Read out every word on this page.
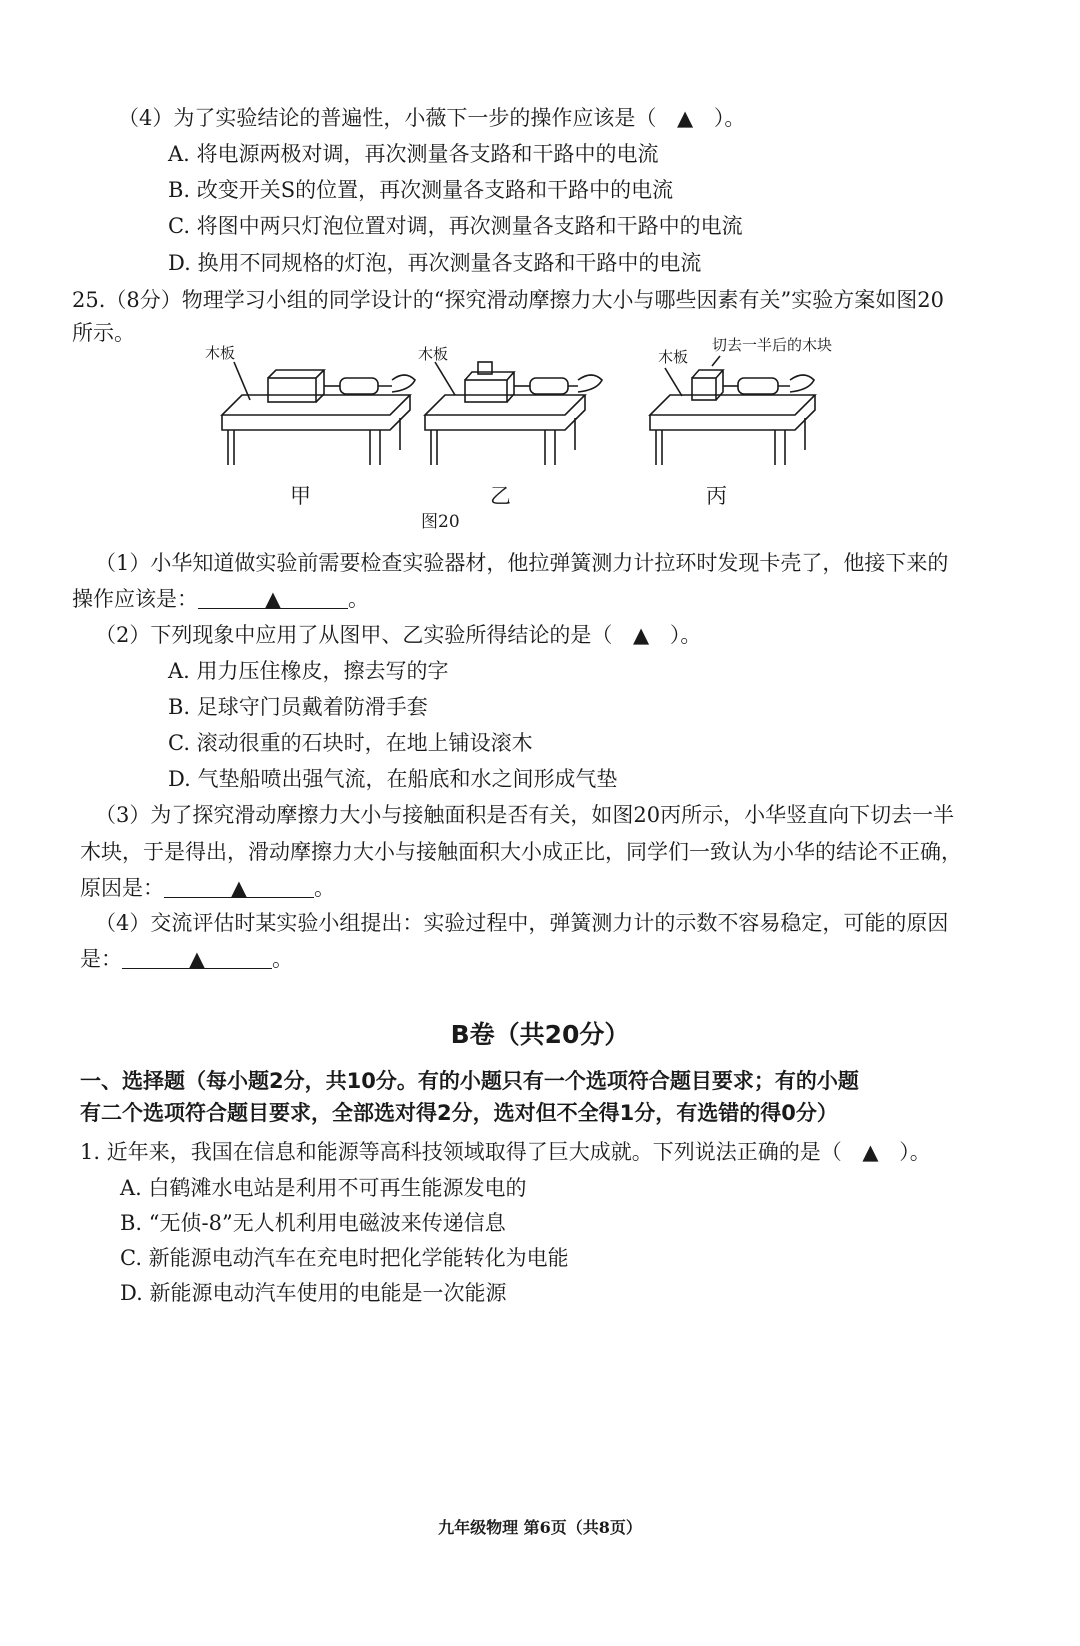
（4）为了实验结论的普遍性，小薇下一步的操作应该是（ ▲ ）。
A. 将电源两极对调，再次测量各支路和干路中的电流
B. 改变开关S的位置，再次测量各支路和干路中的电流
C. 将图中两只灯泡位置对调，再次测量各支路和干路中的电流
D. 换用不同规格的灯泡，再次测量各支路和干路中的电流
25.（8分）物理学习小组的同学设计的“探究滑动摩擦力大小与哪些因素有关”实验方案如图20
所示。
木板	木板	木板
切去一半后的木块
甲	乙	丙
图20
（1）小华知道做实验前需要检查实验器材，他拉弹簧测力计拉环时发现卡壳了，他接下来的
操作应该是：	▲	。
（2）下列现象中应用了从图甲、乙实验所得结论的是（ ▲ ）。
A. 用力压住橡皮，擦去写的字
B. 足球守门员戴着防滑手套
C. 滚动很重的石块时，在地上铺设滚木
D. 气垫船喷出强气流，在船底和水之间形成气垫
（3）为了探究滑动摩擦力大小与接触面积是否有关，如图20丙所示，小华竖直向下切去一半
木块，于是得出，滑动摩擦力大小与接触面积大小成正比，同学们一致认为小华的结论不正确，
原因是：	▲	。
（4）交流评估时某实验小组提出：实验过程中，弹簧测力计的示数不容易稳定，可能的原因
是：	▲	。
B卷（共20分）
一、选择题（每小题2分，共10分。有的小题只有一个选项符合题目要求；有的小题
有二个选项符合题目要求，全部选对得2分，选对但不全得1分，有选错的得0分）
1. 近年来，我国在信息和能源等高科技领域取得了巨大成就。下列说法正确的是（ ▲ ）。
A. 白鹤滩水电站是利用不可再生能源发电的
B. “无侦-8”无人机利用电磁波来传递信息
C. 新能源电动汽车在充电时把化学能转化为电能
D. 新能源电动汽车使用的电能是一次能源
九年级物理 第6页（共8页）
